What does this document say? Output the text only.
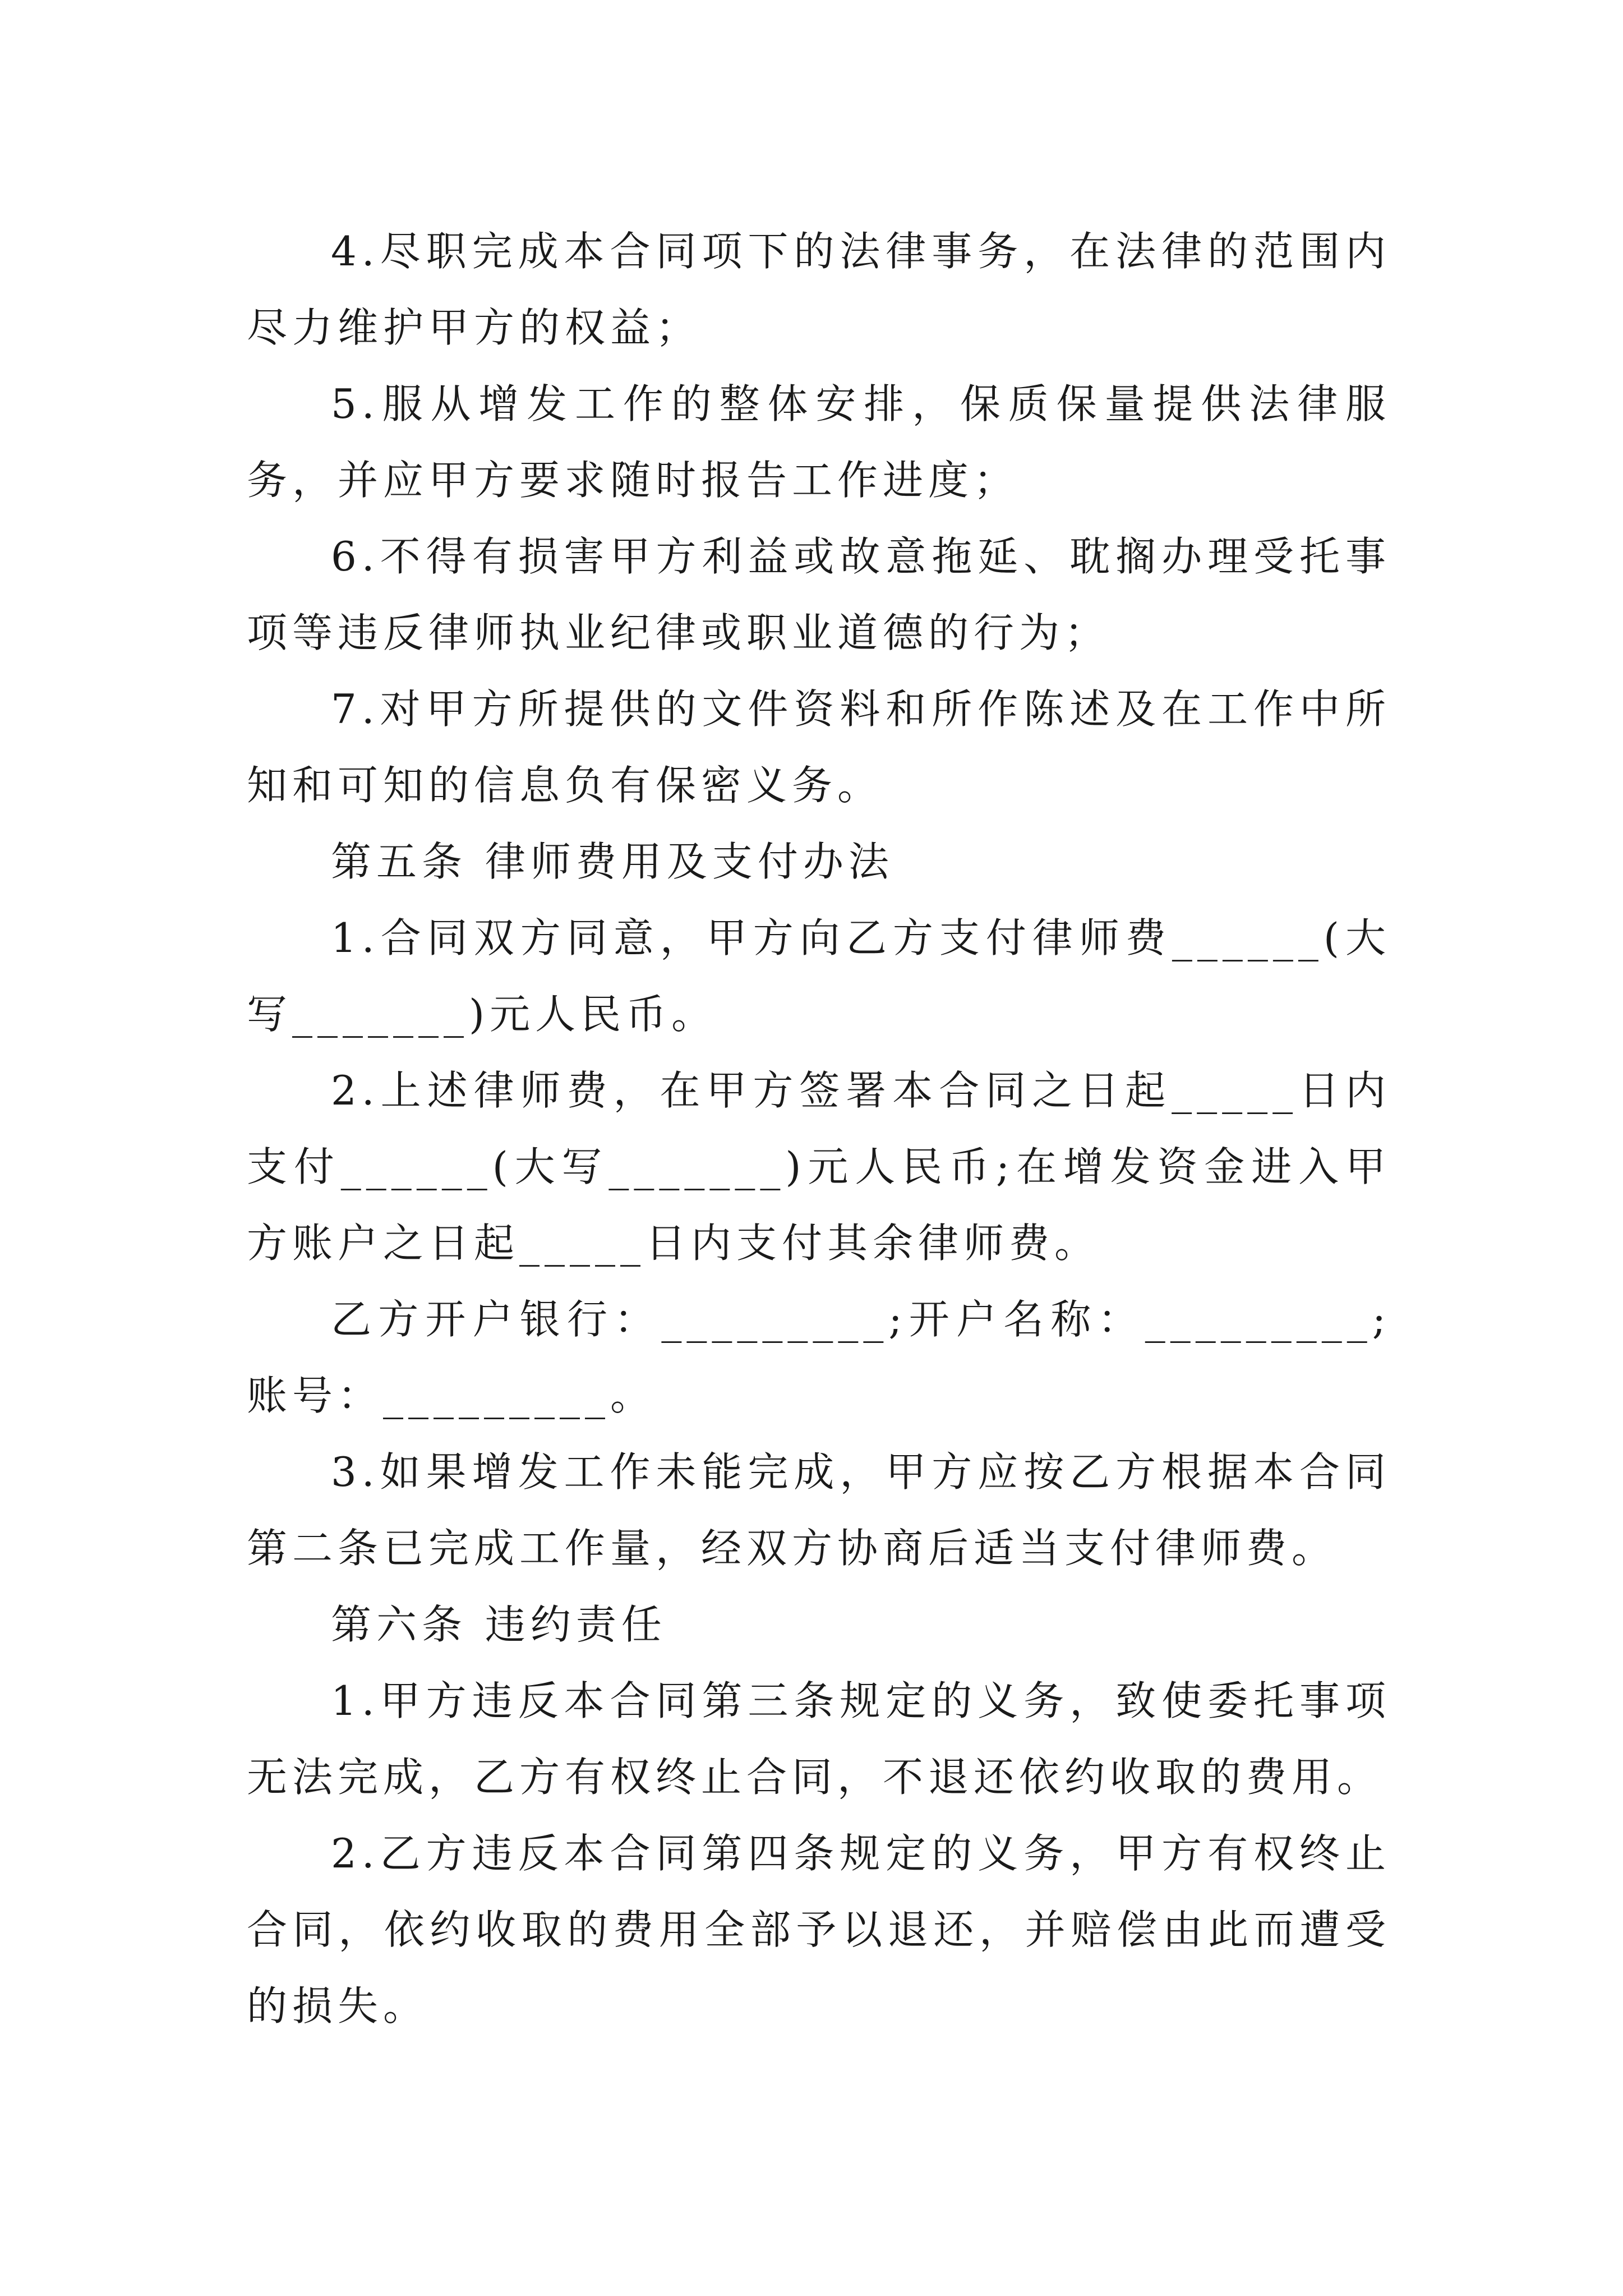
4.尽职完成本合同项下的法律事务，在法律的范围内尽力维护甲方的权益；

5.服从增发工作的整体安排，保质保量提供法律服务，并应甲方要求随时报告工作进度；

6.不得有损害甲方利益或故意拖延、耽搁办理受托事项等违反律师执业纪律或职业道德的行为；

7.对甲方所提供的文件资料和所作陈述及在工作中所知和可知的信息负有保密义务。

第五条 律师费用及支付办法

1.合同双方同意，甲方向乙方支付律师费______(大写_______)元人民币。

2.上述律师费，在甲方签署本合同之日起_____日内支付______(大写_______)元人民币;在增发资金进入甲方账户之日起_____日内支付其余律师费。

乙方开户银行：_________;开户名称：_________;账号：_________。

3.如果增发工作未能完成，甲方应按乙方根据本合同第二条已完成工作量，经双方协商后适当支付律师费。

第六条 违约责任

1.甲方违反本合同第三条规定的义务，致使委托事项无法完成，乙方有权终止合同，不退还依约收取的费用。

2.乙方违反本合同第四条规定的义务，甲方有权终止合同，依约收取的费用全部予以退还，并赔偿由此而遭受的损失。
